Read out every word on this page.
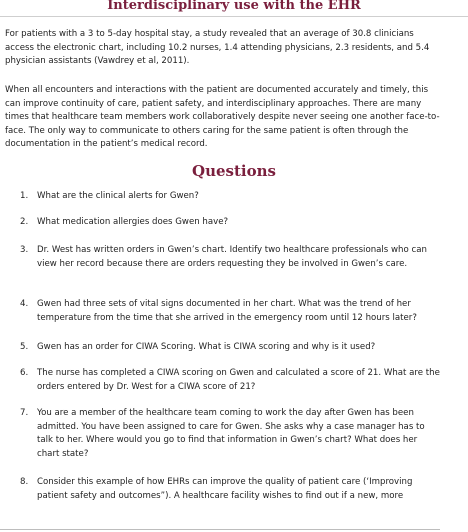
Interdisciplinary use with the EHR
For patients with a 3 to 5-day hospital stay, a study revealed that an average of 30.8 clinicians access the electronic chart, including 10.2 nurses, 1.4 attending physicians, 2.3 residents, and 5.4 physician assistants (Vawdrey et al, 2011).
When all encounters and interactions with the patient are documented accurately and timely, this can improve continuity of care, patient safety, and interdisciplinary approaches. There are many times that healthcare team members work collaboratively despite never seeing one another face-to-face. The only way to communicate to others caring for the same patient is often through the documentation in the patient’s medical record.
Questions
1.	What are the clinical alerts for Gwen?
2.	What medication allergies does Gwen have?
3.	Dr. West has written orders in Gwen’s chart. Identify two healthcare professionals who can view her record because there are orders requesting they be involved in Gwen’s care.
4.	Gwen had three sets of vital signs documented in her chart. What was the trend of her temperature from the time that she arrived in the emergency room until 12 hours later?
5.	Gwen has an order for CIWA Scoring. What is CIWA scoring and why is it used?
6.	The nurse has completed a CIWA scoring on Gwen and calculated a score of 21. What are the orders entered by Dr. West for a CIWA score of 21?
7.	You are a member of the healthcare team coming to work the day after Gwen has been admitted. You have been assigned to care for Gwen. She asks why a case manager has to talk to her. Where would you go to find that information in Gwen’s chart? What does her chart state?
8.	Consider this example of how EHRs can improve the quality of patient care (‘Improving patient safety and outcomes”). A healthcare facility wishes to find out if a new, more
